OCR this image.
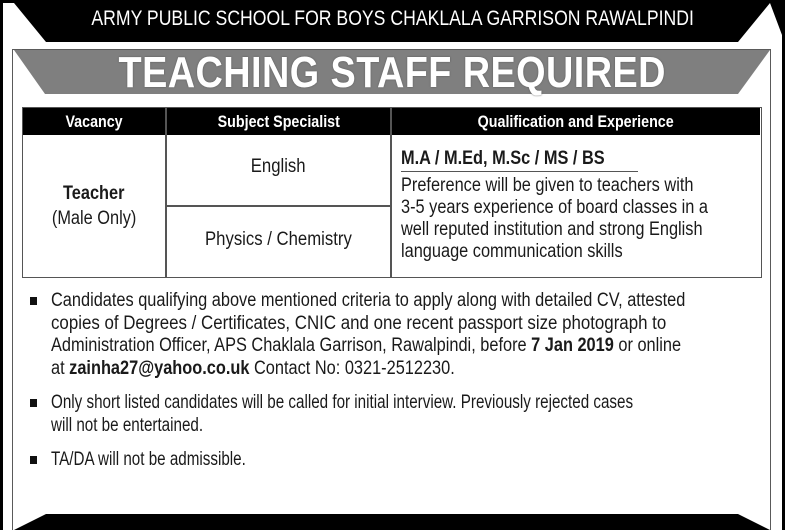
ARMY PUBLIC SCHOOL FOR BOYS CHAKLALA GARRISON RAWALPINDI
TEACHING STAFF REQUIRED
Vacancy	Subject Specialist	Qualification and Experience
Teacher
(Male Only)
English
Physics / Chemistry
M.A / M.Ed, M.Sc / MS / BS
Preference will be given to teachers with
3-5 years experience of board classes in a
well reputed institution and strong English
language communication skills
Candidates qualifying above mentioned criteria to apply along with detailed CV, attested
copies of Degrees / Certificates, CNIC and one recent passport size photograph to
Administration Officer, APS Chaklala Garrison, Rawalpindi, before 7 Jan 2019 or online
at zainha27@yahoo.co.uk Contact No: 0321-2512230.
Only short listed candidates will be called for initial interview. Previously rejected cases
will not be entertained.
TA/DA will not be admissible.
